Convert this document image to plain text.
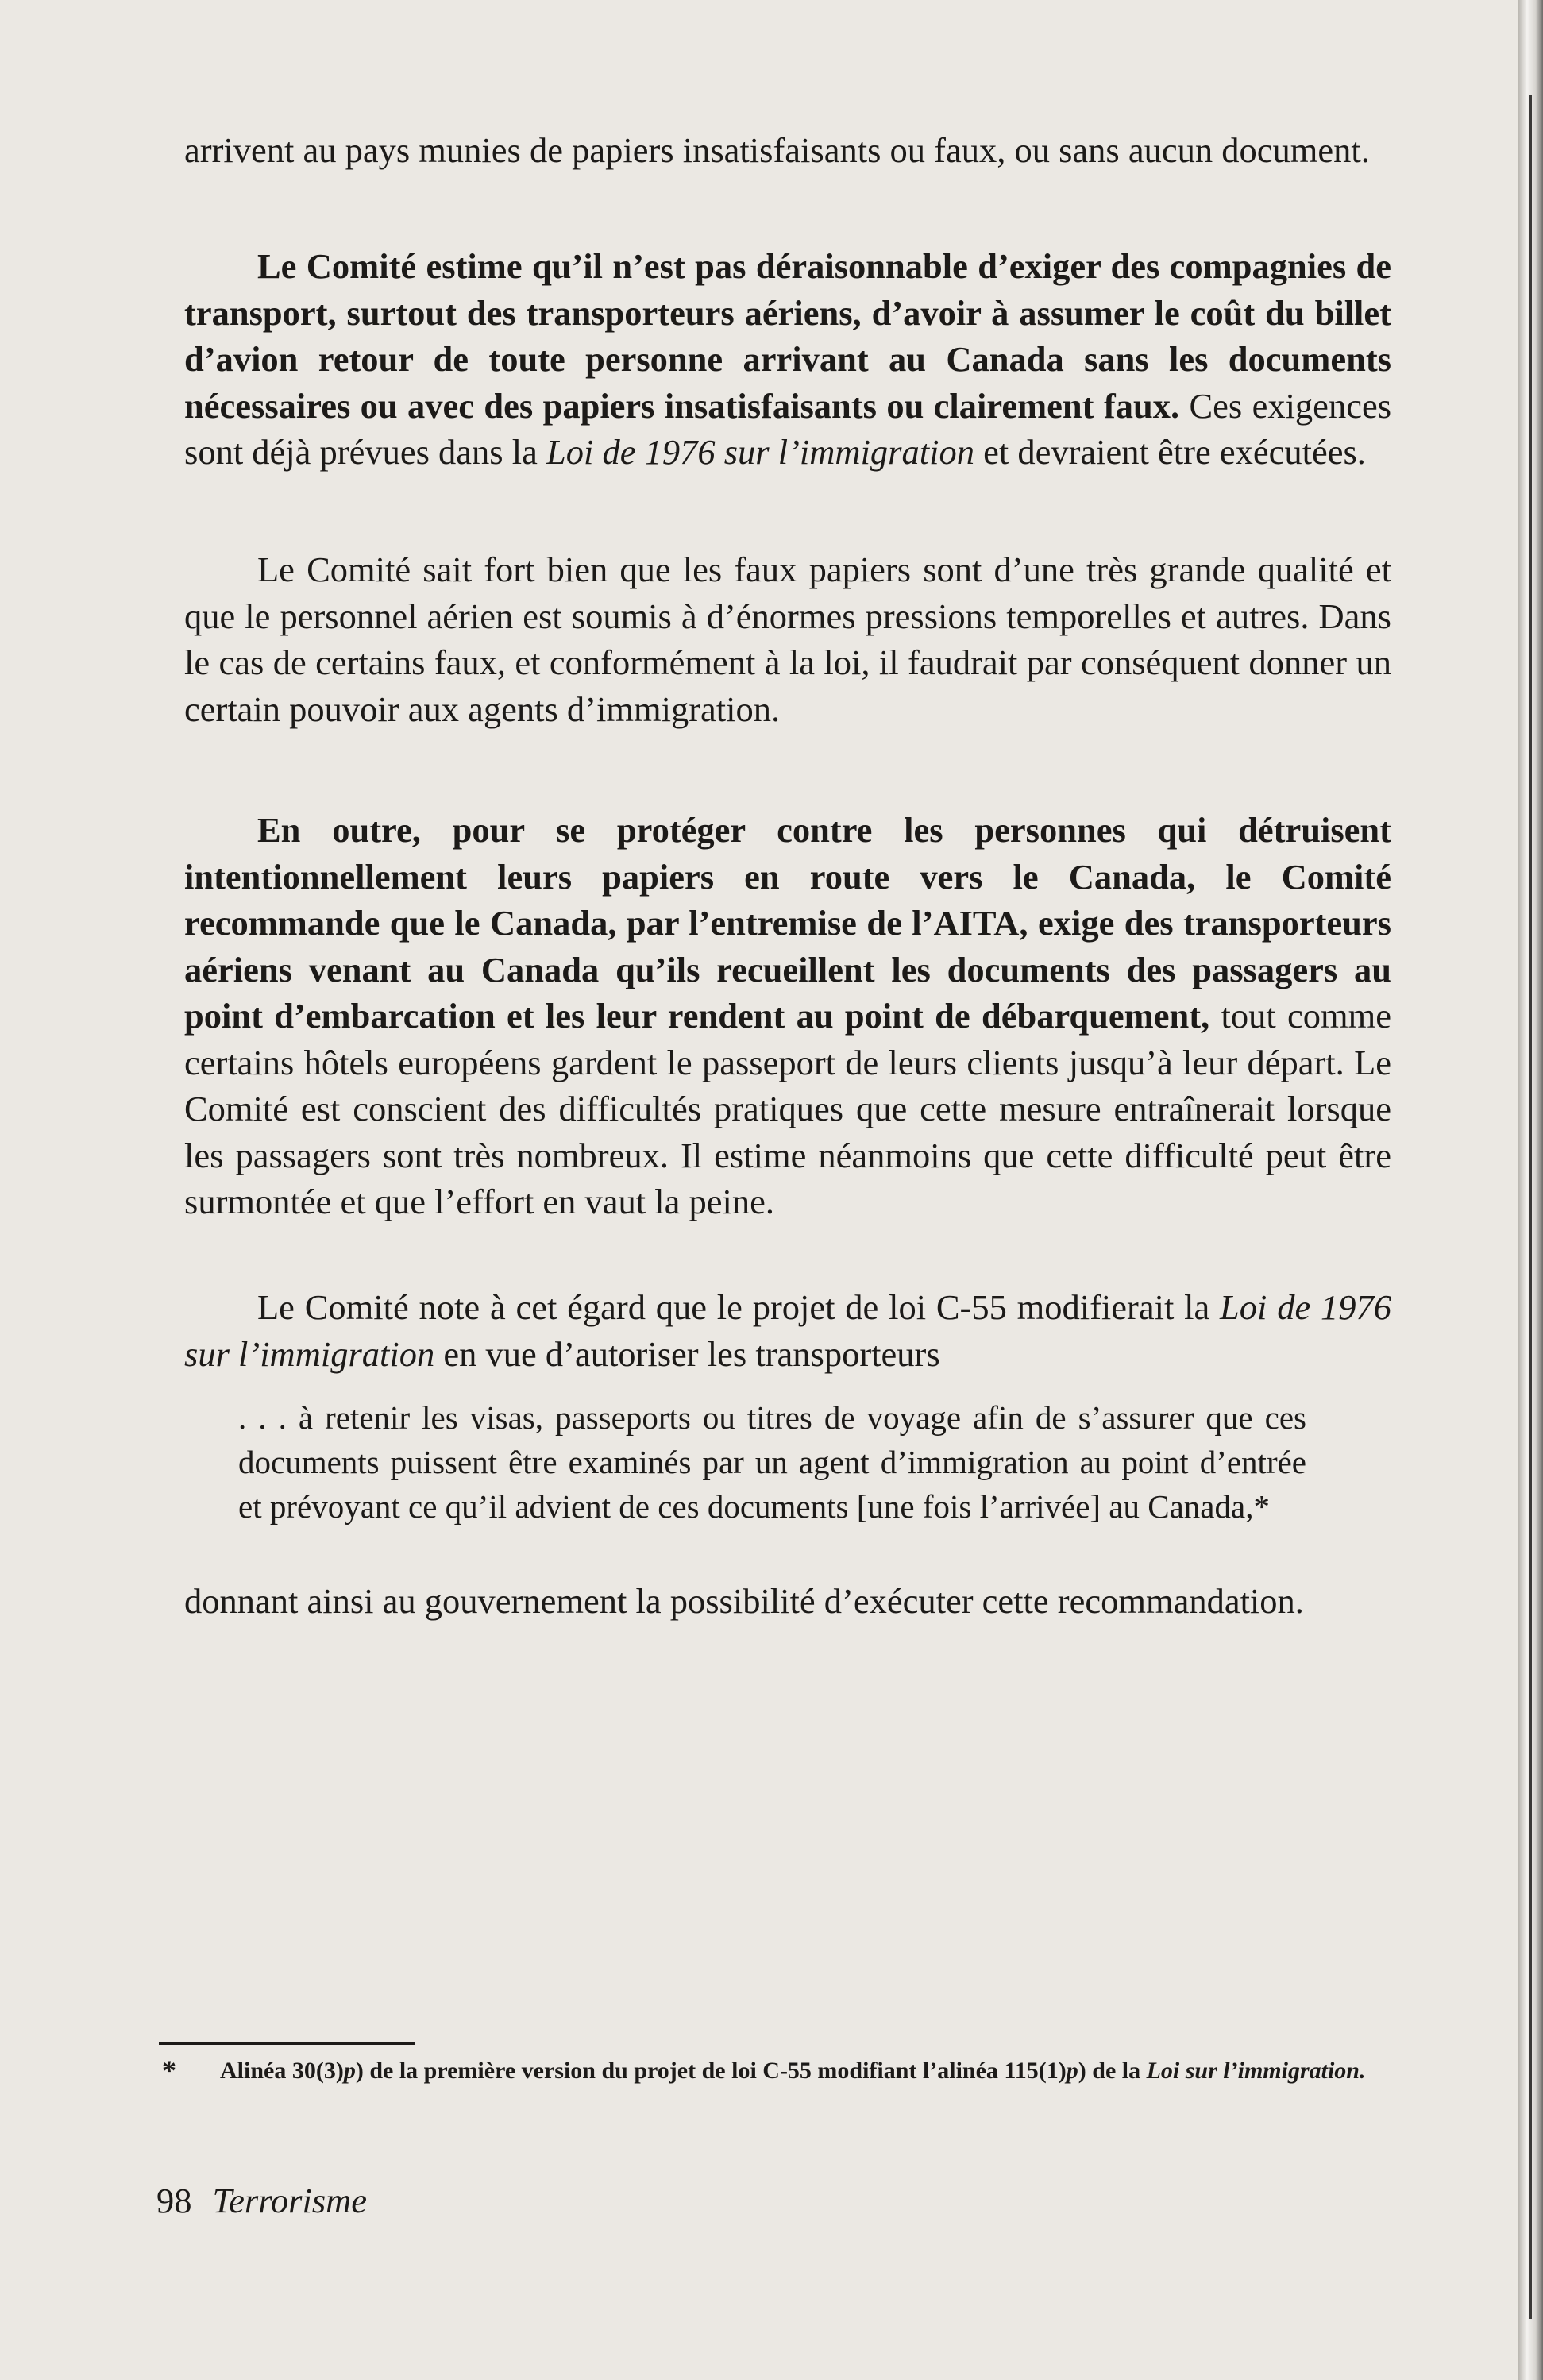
arrivent au pays munies de papiers insatisfaisants ou faux, ou sans aucun document.

Le Comité estime qu’il n’est pas déraisonnable d’exiger des compagnies de transport, surtout des transporteurs aériens, d’avoir à assumer le coût du billet d’avion retour de toute personne arrivant au Canada sans les documents nécessaires ou avec des papiers insatisfaisants ou clairement faux. Ces exigences sont déjà prévues dans la Loi de 1976 sur l’immigration et devraient être exécutées.

Le Comité sait fort bien que les faux papiers sont d’une très grande qualité et que le personnel aérien est soumis à d’énormes pressions temporelles et autres. Dans le cas de certains faux, et conformément à la loi, il faudrait par conséquent donner un certain pouvoir aux agents d’immigration.

En outre, pour se protéger contre les personnes qui détruisent intentionnellement leurs papiers en route vers le Canada, le Comité recommande que le Canada, par l’entremise de l’AITA, exige des transporteurs aériens venant au Canada qu’ils recueillent les documents des passagers au point d’embarcation et les leur rendent au point de débarquement, tout comme certains hôtels européens gardent le passeport de leurs clients jusqu’à leur départ. Le Comité est conscient des difficultés pratiques que cette mesure entraînerait lorsque les passagers sont très nombreux. Il estime néanmoins que cette difficulté peut être surmontée et que l’effort en vaut la peine.

Le Comité note à cet égard que le projet de loi C-55 modifierait la Loi de 1976 sur l’immigration en vue d’autoriser les transporteurs

. . . à retenir les visas, passeports ou titres de voyage afin de s’assurer que ces documents puissent être examinés par un agent d’immigration au point d’entrée et prévoyant ce qu’il advient de ces documents [une fois l’arrivée] au Canada,*

donnant ainsi au gouvernement la possibilité d’exécuter cette recommandation.

* Alinéa 30(3)p) de la première version du projet de loi C-55 modifiant l’alinéa 115(1)p) de la Loi sur l’immigration.
98 Terrorisme
